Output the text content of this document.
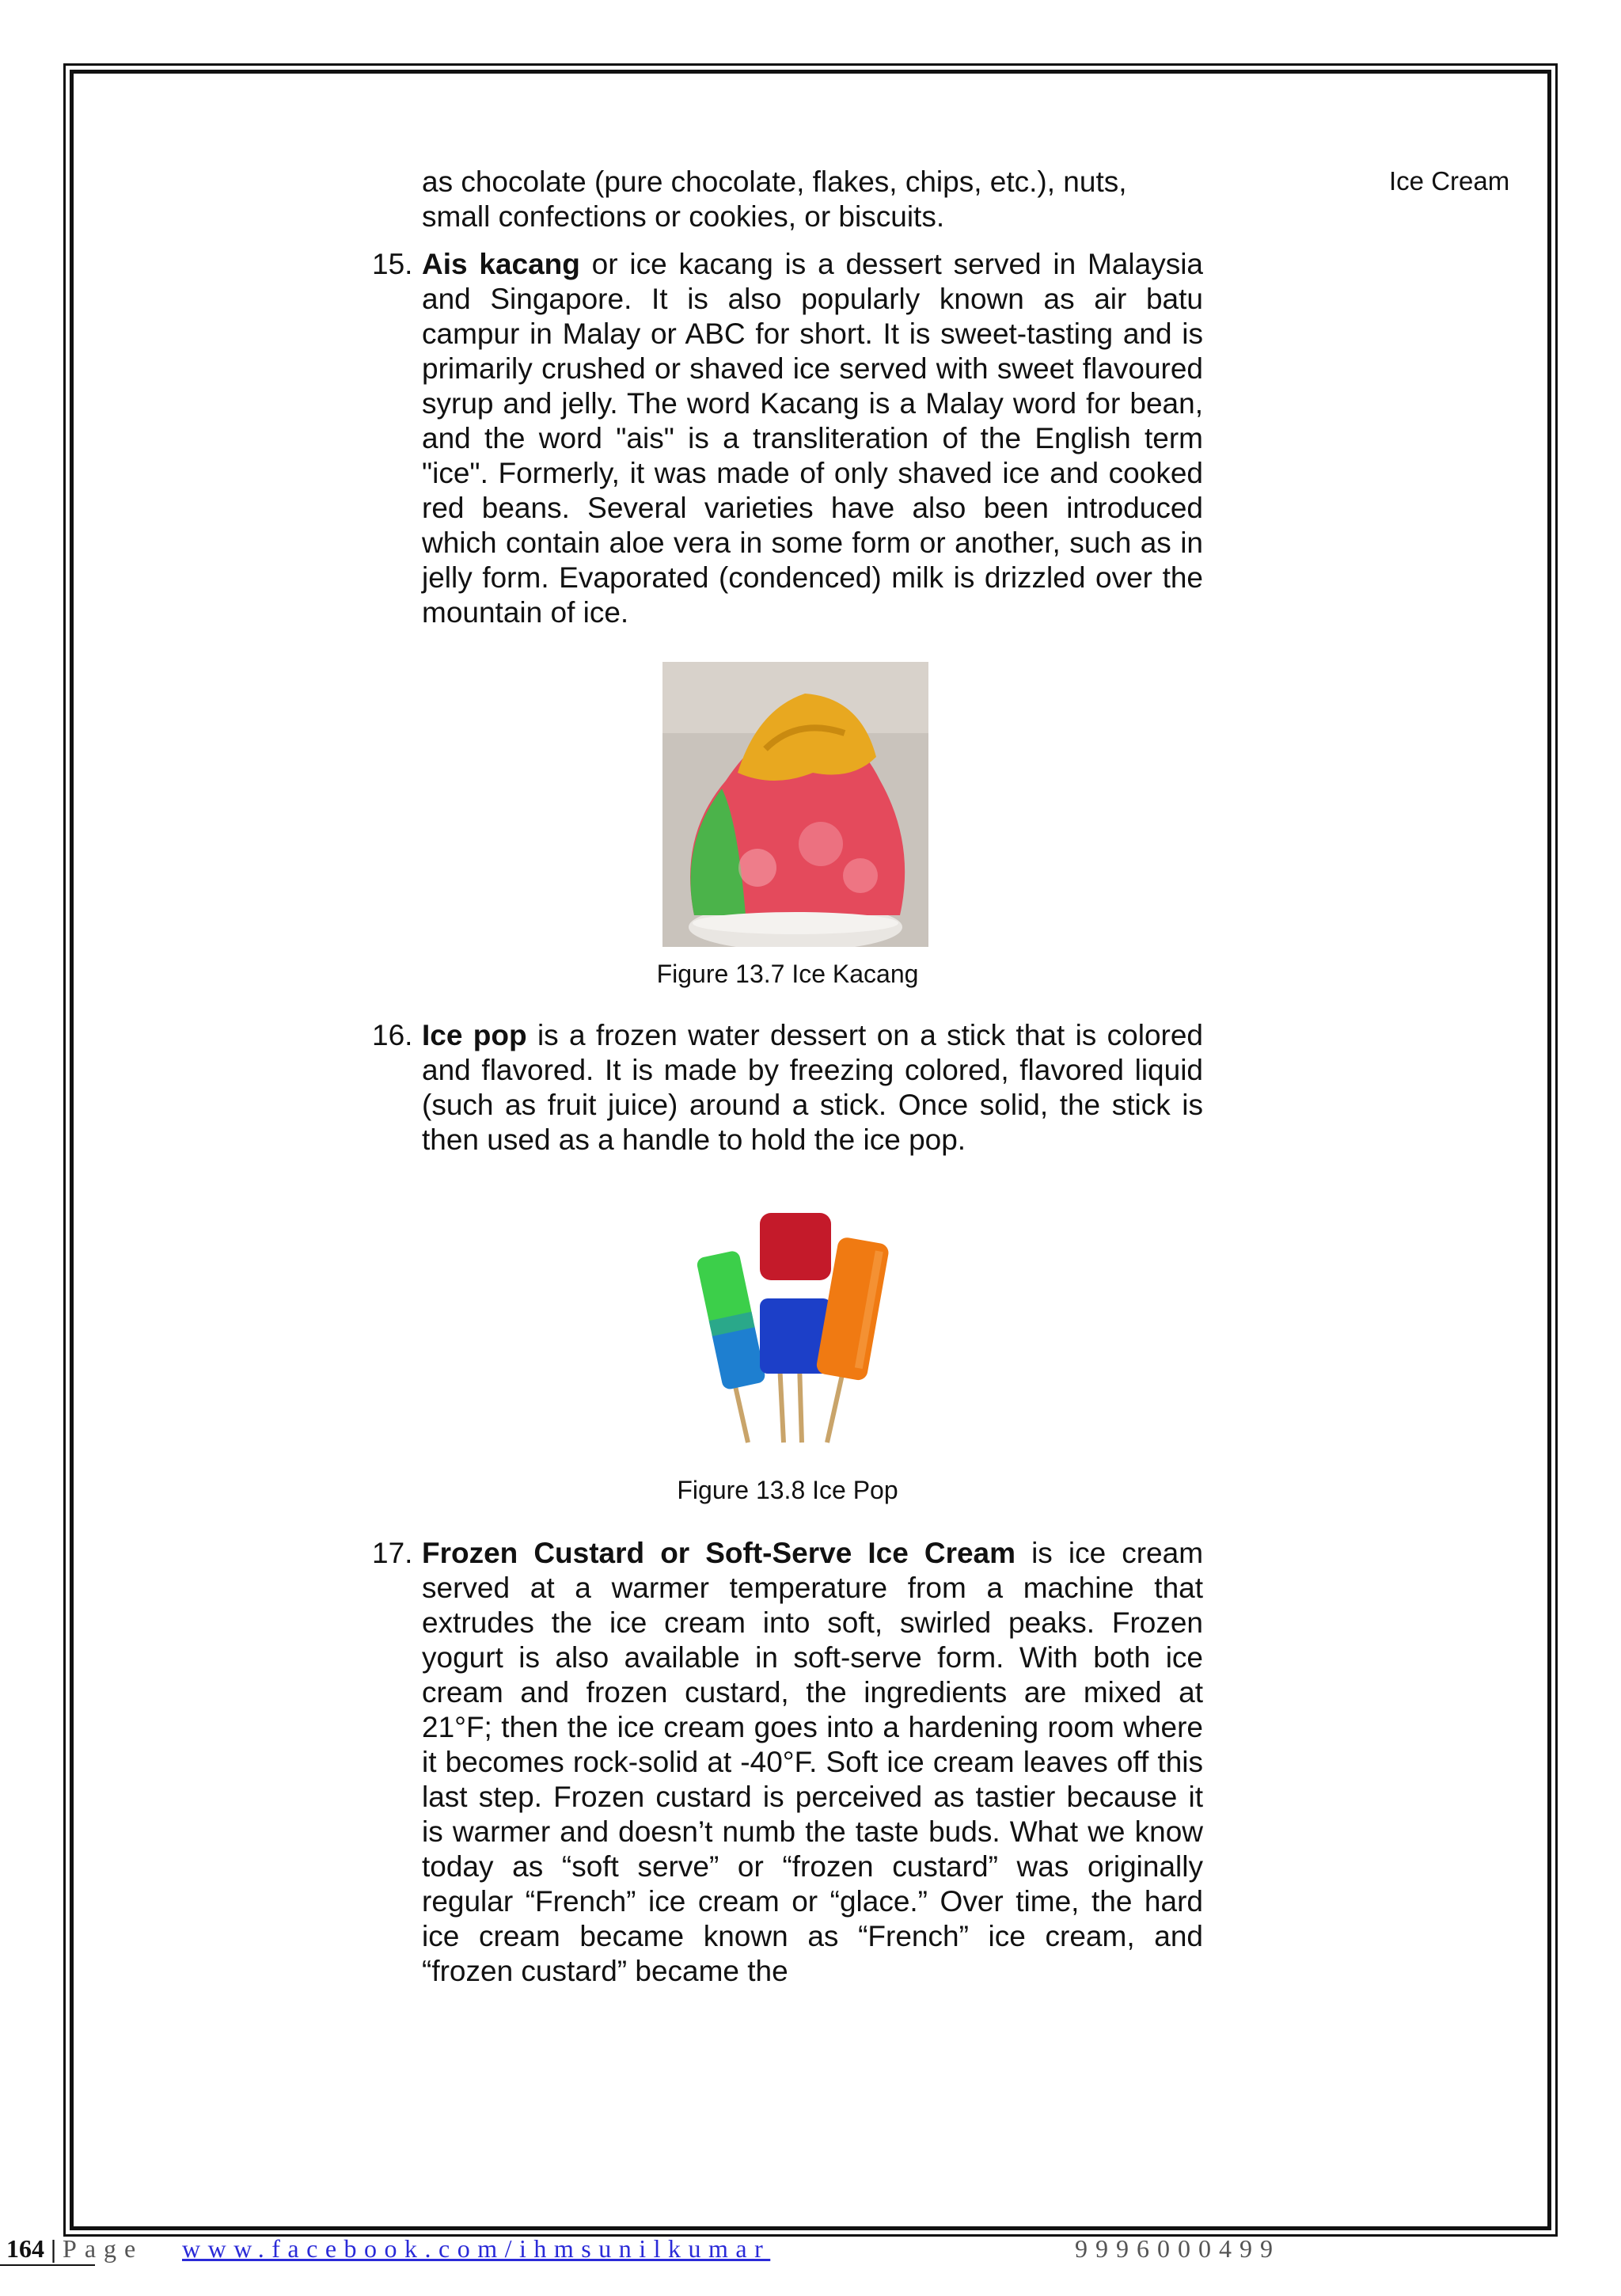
Ice Cream
as chocolate (pure chocolate, flakes, chips, etc.), nuts,
small confections or cookies, or biscuits.
15. Ais kacang or ice kacang is a dessert served in Malaysia and Singapore. It is also popularly known as air batu campur in Malay or ABC for short. It is sweet-tasting and is primarily crushed or shaved ice served with sweet flavoured syrup and jelly. The word Kacang is a Malay word for bean, and the word "ais" is a transliteration of the English term "ice". Formerly, it was made of only shaved ice and cooked red beans. Several varieties have also been introduced which contain aloe vera in some form or another, such as in jelly form. Evaporated (condenced) milk is drizzled over the mountain of ice.
Figure 13.7 Ice Kacang
16. Ice pop is a frozen water dessert on a stick that is colored and flavored. It is made by freezing colored, flavored liquid (such as fruit juice) around a stick. Once solid, the stick is then used as a handle to hold the ice pop.
Figure 13.8 Ice Pop
17. Frozen Custard or Soft-Serve Ice Cream is ice cream served at a warmer temperature from a machine that extrudes the ice cream into soft, swirled peaks. Frozen yogurt is also available in soft-serve form. With both ice cream and frozen custard, the ingredients are mixed at 21°F; then the ice cream goes into a hardening room where it becomes rock-solid at -40°F. Soft ice cream leaves off this last step. Frozen custard is perceived as tastier because it is warmer and doesn’t numb the taste buds. What we know today as “soft serve” or “frozen custard” was originally regular “French” ice cream or “glace.” Over time, the hard ice cream became known as “French” ice cream, and “frozen custard” became the
164 | Page www.facebook.com/ihmsunilkumar	9996000499
